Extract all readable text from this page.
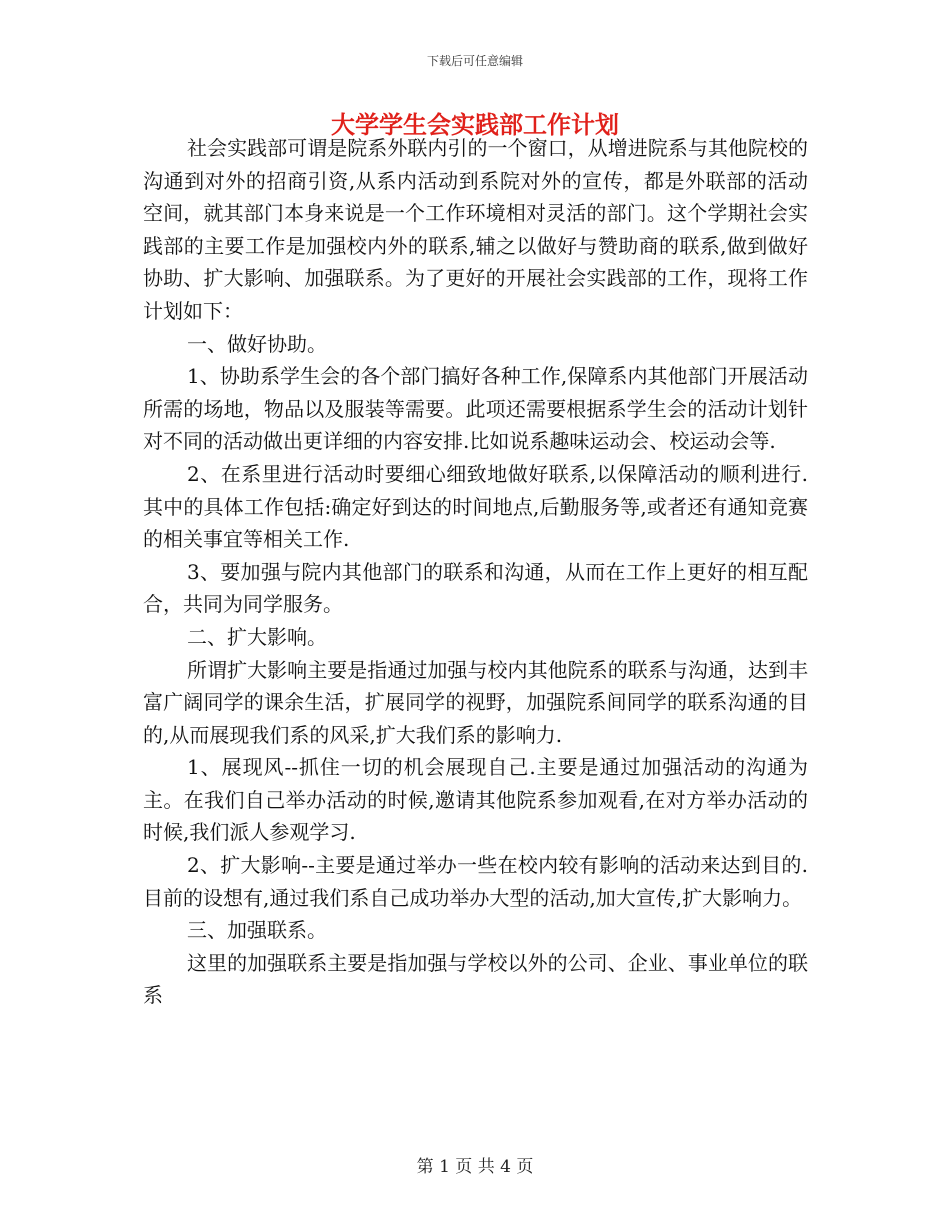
下载后可任意编辑
大学学生会实践部工作计划

社会实践部可谓是院系外联内引的一个窗口，从增进院系与其他院校的沟通到对外的招商引资,从系内活动到系院对外的宣传，都是外联部的活动空间，就其部门本身来说是一个工作环境相对灵活的部门。这个学期社会实践部的主要工作是加强校内外的联系,辅之以做好与赞助商的联系,做到做好协助、扩大影响、加强联系。为了更好的开展社会实践部的工作，现将工作计划如下：

一、做好协助。

1、协助系学生会的各个部门搞好各种工作,保障系内其他部门开展活动所需的场地，物品以及服装等需要。此项还需要根据系学生会的活动计划针对不同的活动做出更详细的内容安排.比如说系趣味运动会、校运动会等.

2、在系里进行活动时要细心细致地做好联系,以保障活动的顺利进行.其中的具体工作包括:确定好到达的时间地点,后勤服务等,或者还有通知竞赛的相关事宜等相关工作.

3、要加强与院内其他部门的联系和沟通，从而在工作上更好的相互配合，共同为同学服务。

二、扩大影响。

所谓扩大影响主要是指通过加强与校内其他院系的联系与沟通，达到丰富广阔同学的课余生活，扩展同学的视野，加强院系间同学的联系沟通的目的,从而展现我们系的风采,扩大我们系的影响力.

1、展现风--抓住一切的机会展现自己.主要是通过加强活动的沟通为主。在我们自己举办活动的时候,邀请其他院系参加观看,在对方举办活动的时候,我们派人参观学习.

2、扩大影响--主要是通过举办一些在校内较有影响的活动来达到目的.目前的设想有,通过我们系自己成功举办大型的活动,加大宣传,扩大影响力。

三、加强联系。

这里的加强联系主要是指加强与学校以外的公司、企业、事业单位的联系

第 1 页 共 4 页
